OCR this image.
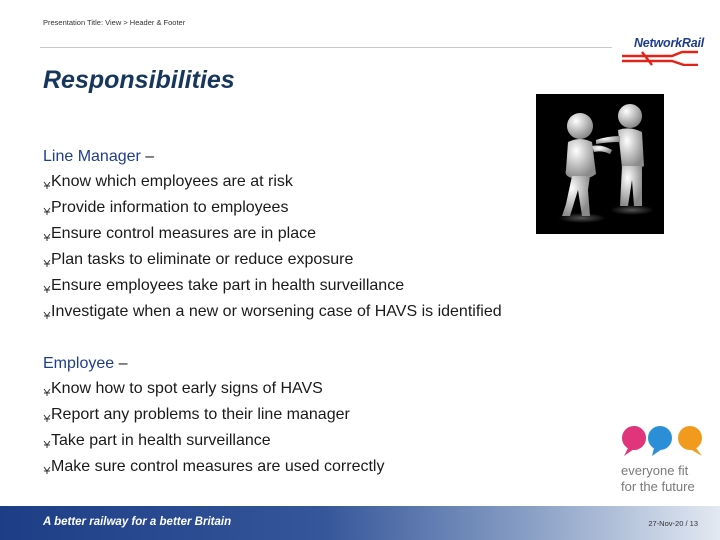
Presentation Title: View > Header & Footer
NetworkRail
Responsibilities
Line Manager –
Know which employees are at risk
Provide information to employees
Ensure control measures are in place
Plan tasks to eliminate or reduce exposure
Ensure employees take part in health surveillance
Investigate when a new or worsening case of HAVS is identified
Employee –
Know how to spot early signs of HAVS
Report any problems to their line manager
Take part in health surveillance
Make sure control measures are used correctly	everyone fit
for the future
A better railway for a better Britain	27-Nov-20 / 13
